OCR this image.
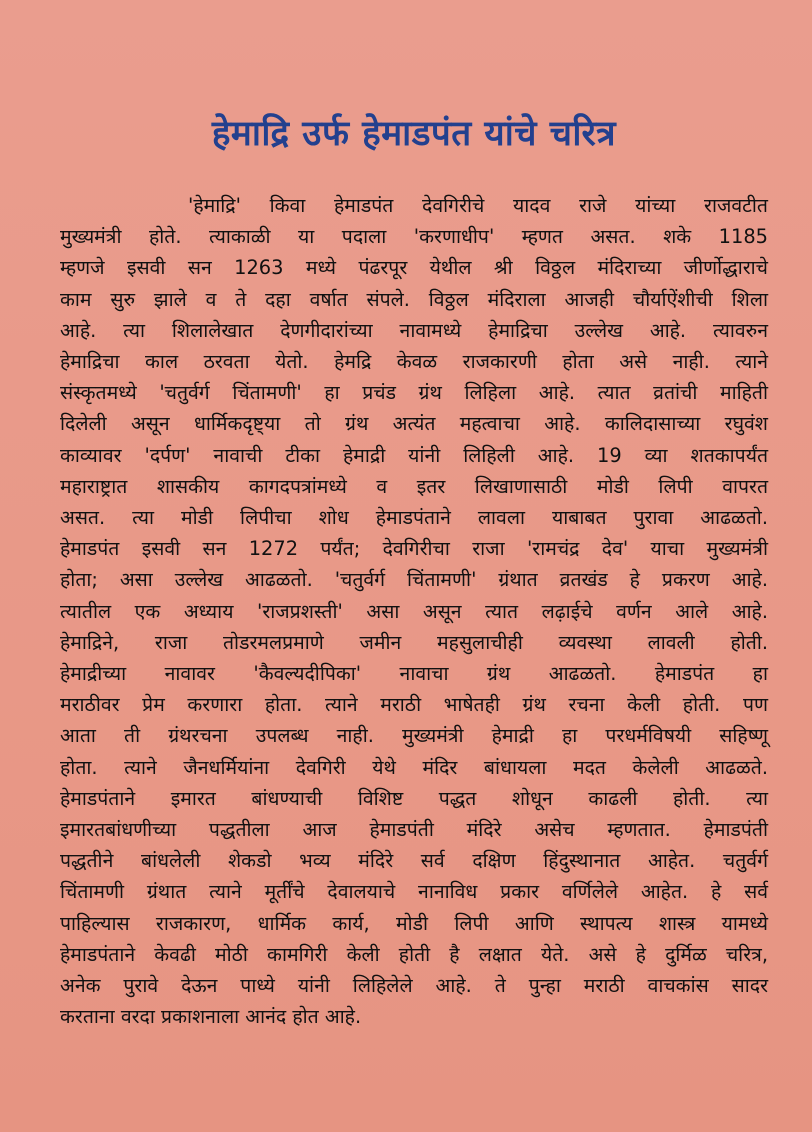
हेमाद्रि उर्फ हेमाडपंत यांचे चरित्र

'हेमाद्रि' किवा हेमाडपंत देवगिरीचे यादव राजे यांच्या राजवटीत
मुख्यमंत्री होते. त्याकाळी या पदाला 'करणाधीप' म्हणत असत. शके 1185
म्हणजे इसवी सन 1263 मध्ये पंढरपूर येथील श्री विठ्ठल मंदिराच्या जीर्णोद्धाराचे
काम सुरु झाले व ते दहा वर्षात संपले. विठ्ठल मंदिराला आजही चौर्याऐंशीची शिला
आहे. त्या शिलालेखात देणगीदारांच्या नावामध्ये हेमाद्रिचा उल्लेख आहे. त्यावरुन
हेमाद्रिचा काल ठरवता येतो. हेमद्रि केवळ राजकारणी होता असे नाही. त्याने
संस्कृतमध्ये 'चतुर्वर्ग चिंतामणी' हा प्रचंड ग्रंथ लिहिला आहे. त्यात व्रतांची माहिती
दिलेली असून धार्मिकदृष्ट्या तो ग्रंथ अत्यंत महत्वाचा आहे. कालिदासाच्या रघुवंश
काव्यावर 'दर्पण' नावाची टीका हेमाद्री यांनी लिहिली आहे. 19 व्या शतकापर्यंत
महाराष्ट्रात शासकीय कागदपत्रांमध्ये व इतर लिखाणासाठी मोडी लिपी वापरत
असत. त्या मोडी लिपीचा शोध हेमाडपंताने लावला याबाबत पुरावा आढळतो.
हेमाडपंत इसवी सन 1272 पर्यंत; देवगिरीचा राजा 'रामचंद्र देव' याचा मुख्यमंत्री
होता; असा उल्लेख आढळतो. 'चतुर्वर्ग चिंतामणी' ग्रंथात व्रतखंड हे प्रकरण आहे.
त्यातील एक अध्याय 'राजप्रशस्ती' असा असून त्यात लढ़ाईचे वर्णन आले आहे.
हेमाद्रिने, राजा तोडरमलप्रमाणे जमीन महसुलाचीही व्यवस्था लावली होती.
हेमाद्रीच्या नावावर 'कैवल्यदीपिका' नावाचा ग्रंथ आढळतो. हेमाडपंत हा
मराठीवर प्रेम करणारा होता. त्याने मराठी भाषेतही ग्रंथ रचना केली होती. पण
आता ती ग्रंथरचना उपलब्ध नाही. मुख्यमंत्री हेमाद्री हा परधर्मविषयी सहिष्णू
होता. त्याने जैनधर्मियांना देवगिरी येथे मंदिर बांधायला मदत केलेली आढळते.
हेमाडपंताने इमारत बांधण्याची विशिष्ट पद्धत शोधून काढली होती. त्या
इमारतबांधणीच्या पद्धतीला आज हेमाडपंती मंदिरे असेच म्हणतात. हेमाडपंती
पद्धतीने बांधलेली शेकडो भव्य मंदिरे सर्व दक्षिण हिंदुस्थानात आहेत. चतुर्वर्ग
चिंतामणी ग्रंथात त्याने मूर्तींचे देवालयाचे नानाविध प्रकार वर्णिलेले आहेत. हे सर्व
पाहिल्यास राजकारण, धार्मिक कार्य, मोडी लिपी आणि स्थापत्य शास्त्र यामध्ये
हेमाडपंताने केवढी मोठी कामगिरी केली होती है लक्षात येते. असे हे दुर्मिळ चरित्र,
अनेक पुरावे देऊन पाध्ये यांनी लिहिलेले आहे. ते पुन्हा मराठी वाचकांस सादर
करताना वरदा प्रकाशनाला आनंद होत आहे.
